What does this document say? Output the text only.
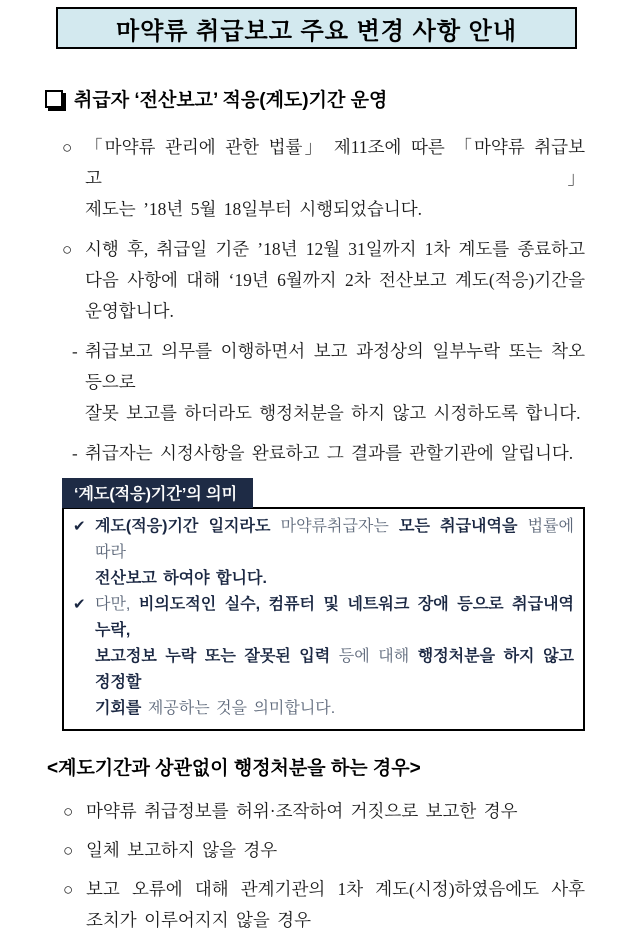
마약류 취급보고 주요 변경 사항 안내
취급자 ‘전산보고’ 적응(계도)기간 운영
○ 「마약류 관리에 관한 법률」 제11조에 따른 「마약류 취급보고」
제도는 ’18년 5월 18일부터 시행되었습니다.
○ 시행 후, 취급일 기준 ’18년 12월 31일까지 1차 계도를 종료하고
다음 사항에 대해 ‘19년 6월까지 2차 전산보고 계도(적응)기간을
운영합니다.
- 취급보고 의무를 이행하면서 보고 과정상의 일부누락 또는 착오 등으로
잘못 보고를 하더라도 행정처분을 하지 않고 시정하도록 합니다.
- 취급자는 시정사항을 완료하고 그 결과를 관할기관에 알립니다.
‘계도(적응)기간’의 의미
✔ 계도(적응)기간 일지라도 마약류취급자는 모든 취급내역을 법률에 따라
전산보고 하여야 합니다.
✔ 다만, 비의도적인 실수, 컴퓨터 및 네트워크 장애 등으로 취급내역 누락,
보고정보 누락 또는 잘못된 입력 등에 대해 행정처분을 하지 않고 정정할
기회를 제공하는 것을 의미합니다.
<계도기간과 상관없이 행정처분을 하는 경우>
○ 마약류 취급정보를 허위·조작하여 거짓으로 보고한 경우
○ 일체 보고하지 않을 경우
○ 보고 오류에 대해 관계기관의 1차 계도(시정)하였음에도 사후
조치가 이루어지지 않을 경우
